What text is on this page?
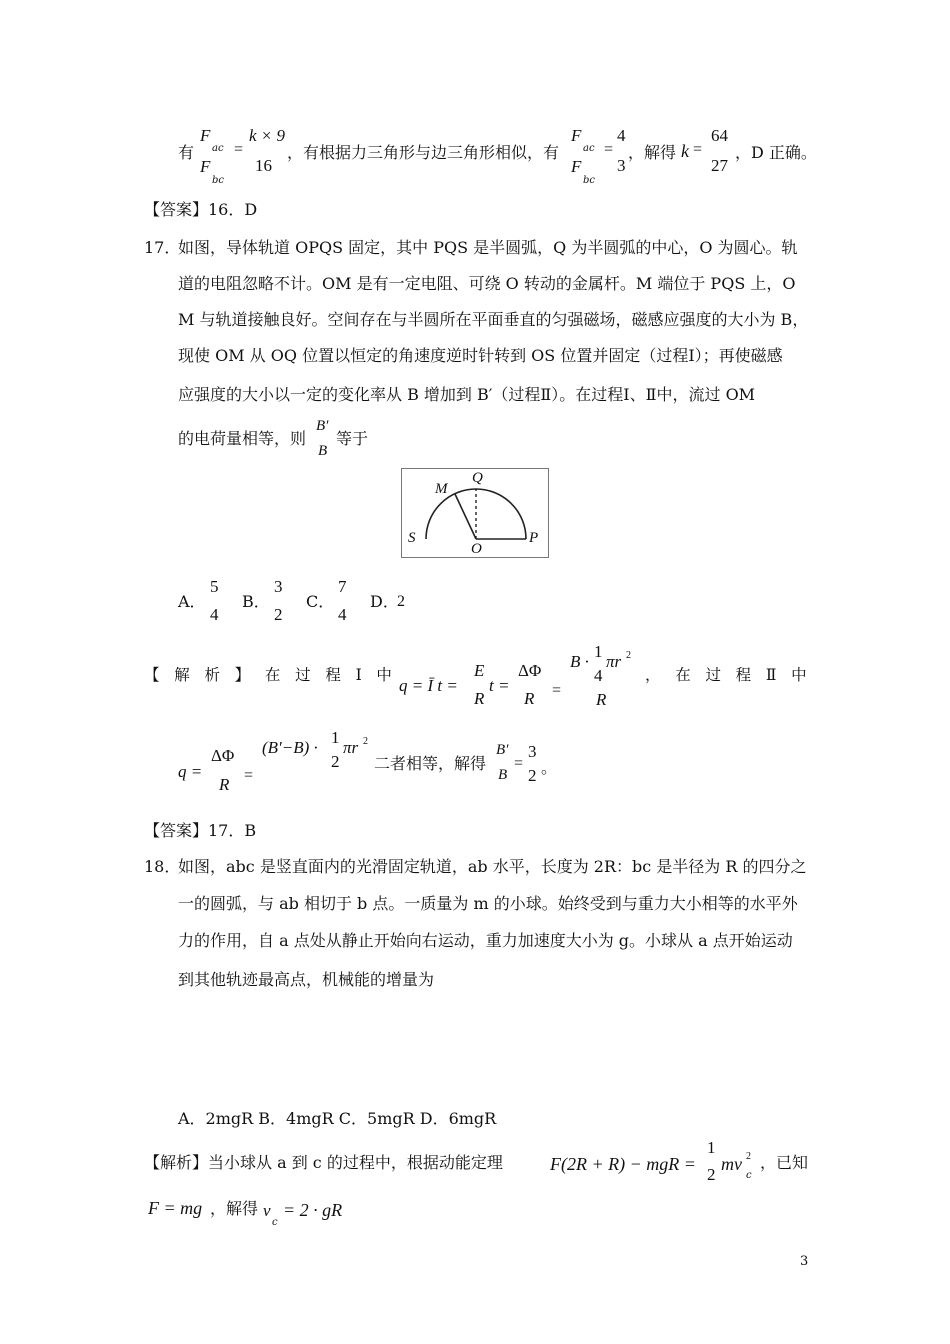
有
F
ac
F
bc
=
k × 9
16
，有根据力三角形与边三角形相似，有
F
ac
F
bc
=
4
3
，解得 k =
64
27
，D 正确。
【答案】16．D
17．
如图，导体轨道 OPQS 固定，其中 PQS 是半圆弧，Q 为半圆弧的中心，O 为圆心。轨
道的电阻忽略不计。OM 是有一定电阻、可绕 O 转动的金属杆。M 端位于 PQS 上，O
M 与轨道接触良好。空间存在与半圆所在平面垂直的匀强磁场，磁感应强度的大小为 B，
现使 OM 从 OQ 位置以恒定的角速度逆时针转到 OS 位置并固定（过程Ⅰ）；再使磁感
应强度的大小以一定的变化率从 B 增加到 B′（过程Ⅱ）。在过程Ⅰ、Ⅱ中，流过 OM
的电荷量相等，则
B′
B
等于
M
Q
S
O
P
A．
5
4
B．
3
2
C．
7
4
D．
2
【解析】在过程Ⅰ中
q = Ī t =
E
R
t =
ΔΦ
R =
B ·
1
4
πr 2
R
，在过程Ⅱ中
q =
ΔΦ
R =
(B′−B) ·
1
2
πr 2
二者相等，解得
B′
B
=
3
2 。
【答案】17．B
18．
如图，abc 是竖直面内的光滑固定轨道，ab 水平，长度为 2R：bc 是半径为 R 的四分之
一的圆弧，与 ab 相切于 b 点。一质量为 m 的小球。始终受到与重力大小相等的水平外
力的作用，自 a 点处从静止开始向右运动，重力加速度大小为 g。小球从 a 点开始运动
到其他轨迹最高点，机械能的增量为
A．2mgR B．4mgR C．5mgR D．6mgR
【解析】当小球从 a 到 c 的过程中，根据动能定理	F(2R + R) − mgR =
1
2
mv 2
c
，已知
F = mg ，解得 v
c
= 2 · gR
3
